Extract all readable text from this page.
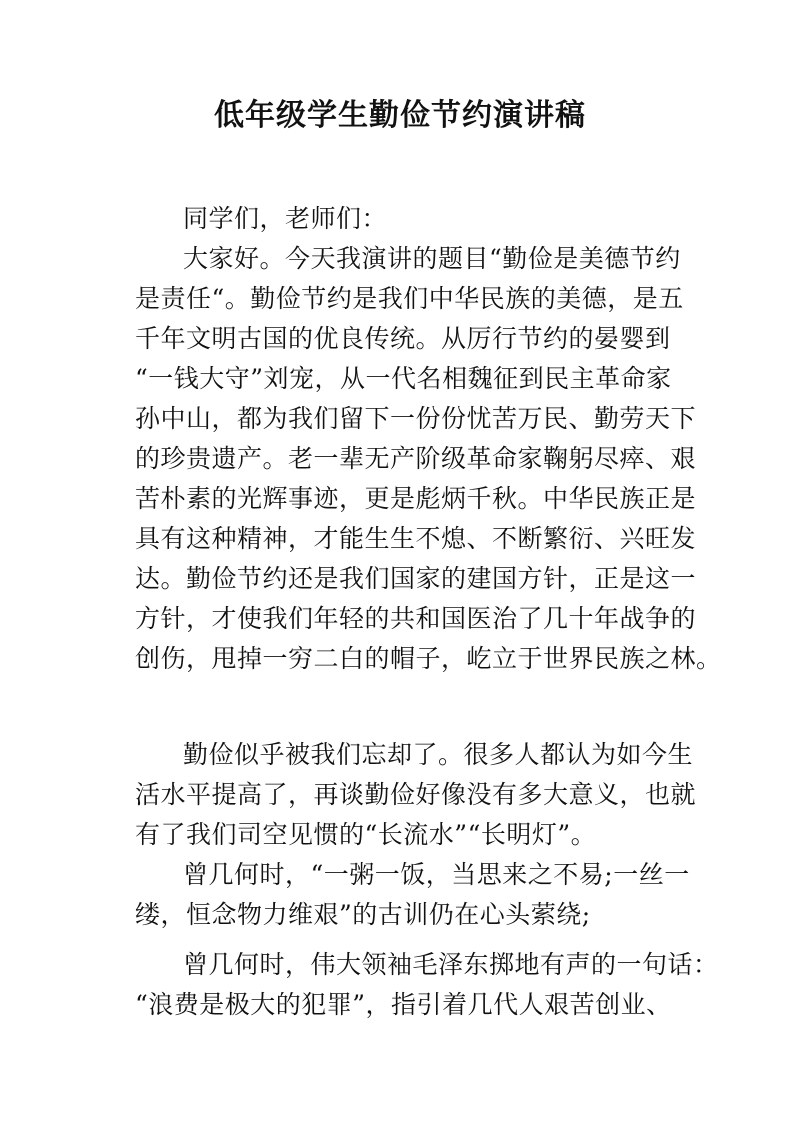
低年级学生勤俭节约演讲稿

同学们，老师们：

大家好。今天我演讲的题目“勤俭是美德节约

是责任“。勤俭节约是我们中华民族的美德，是五

千年文明古国的优良传统。从厉行节约的晏婴到

“一钱大守”刘宠，从一代名相魏征到民主革命家

孙中山，都为我们留下一份份忧苦万民、勤劳天下

的珍贵遗产。老一辈无产阶级革命家鞠躬尽瘁、艰

苦朴素的光辉事迹，更是彪炳千秋。中华民族正是

具有这种精神，才能生生不熄、不断繁衍、兴旺发

达。勤俭节约还是我们国家的建国方针，正是这一

方针，才使我们年轻的共和国医治了几十年战争的

创伤，甩掉一穷二白的帽子，屹立于世界民族之林。

勤俭似乎被我们忘却了。很多人都认为如今生

活水平提高了，再谈勤俭好像没有多大意义，也就

有了我们司空见惯的“长流水”“长明灯”。

曾几何时，“一粥一饭，当思来之不易;一丝一

缕，恒念物力维艰”的古训仍在心头萦绕;

曾几何时，伟大领袖毛泽东掷地有声的一句话：

“浪费是极大的犯罪”，指引着几代人艰苦创业、
